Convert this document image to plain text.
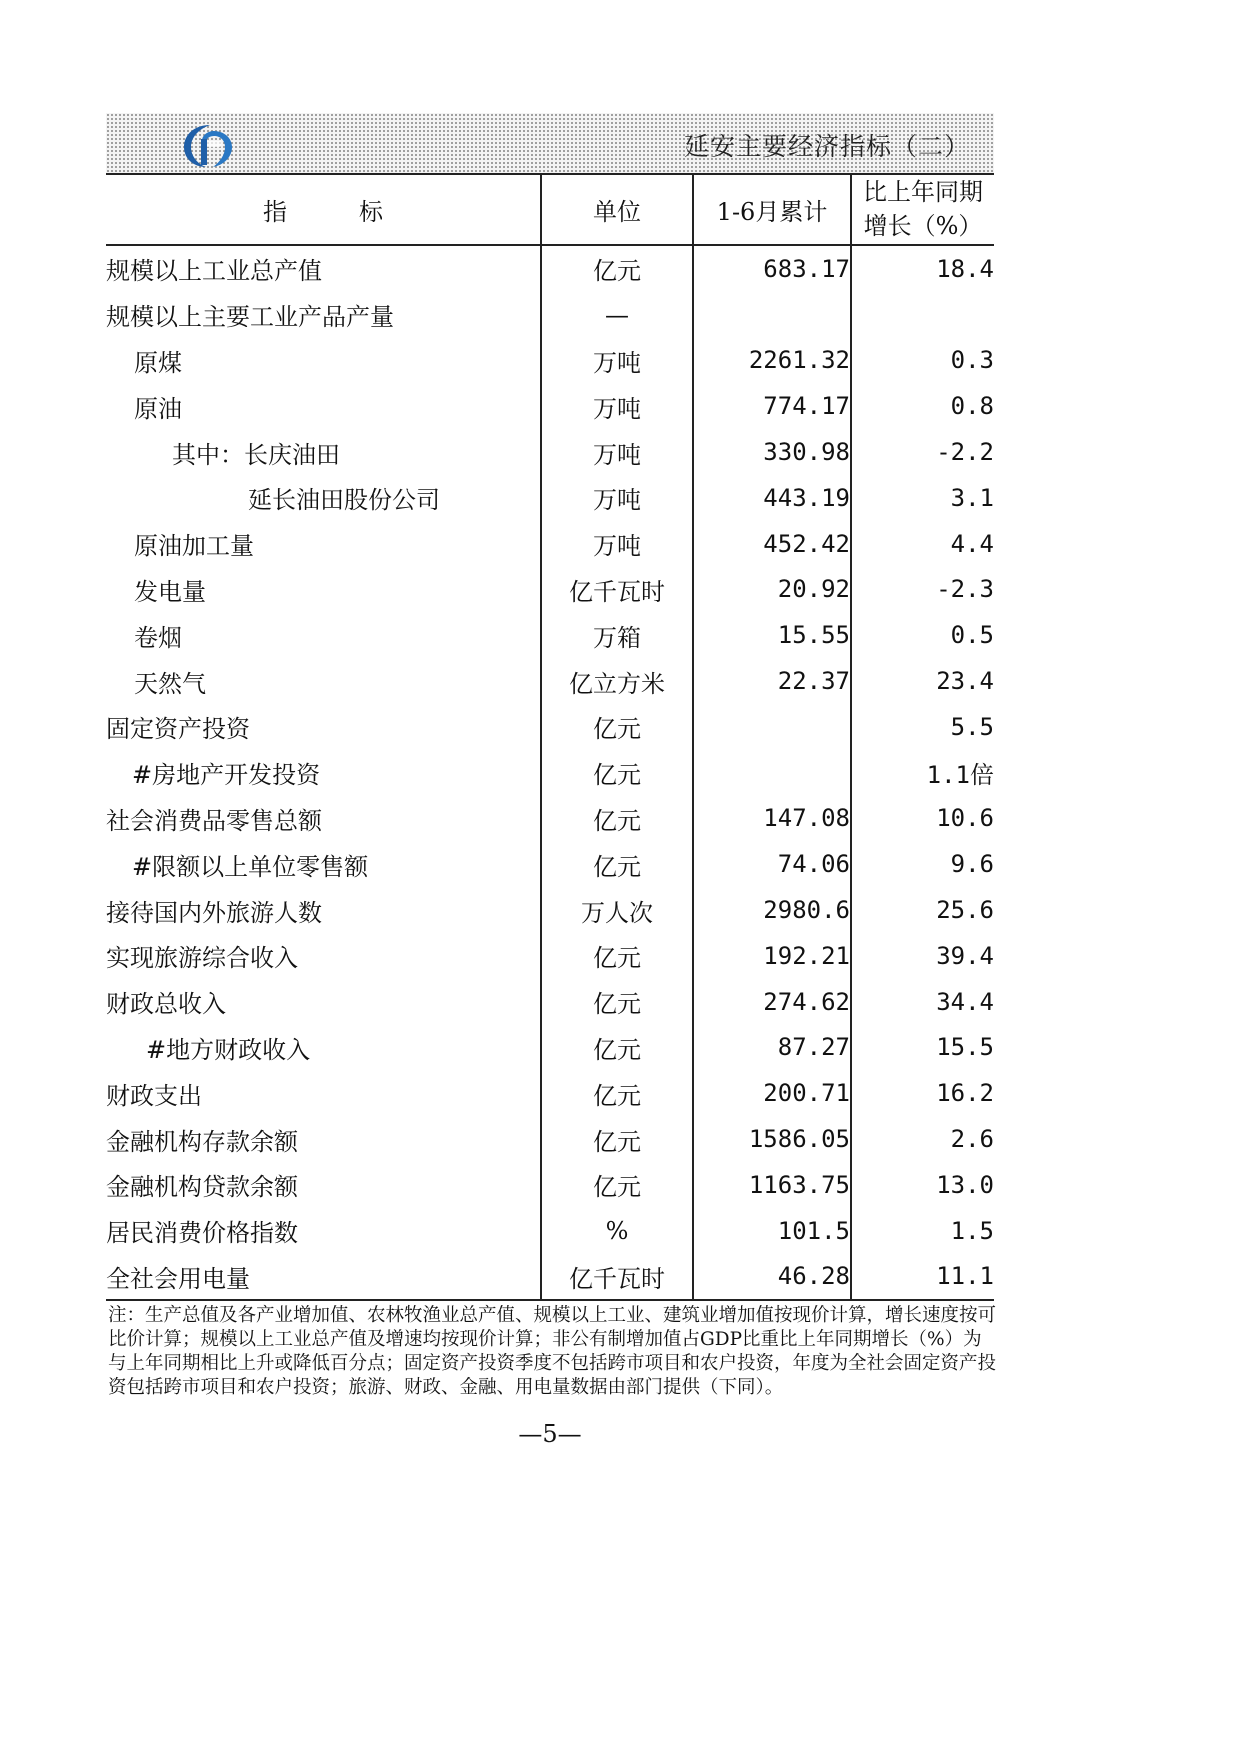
延安主要经济指标（二）
指　　　标	单位	1-6月累计	比上年同期增长（%）
规模以上工业总产值	亿元	683.17	18.4
规模以上主要工业产品产量	—		
原煤	万吨	2261.32	0.3
原油	万吨	774.17	0.8
其中：长庆油田	万吨	330.98	-2.2
延长油田股份公司	万吨	443.19	3.1
原油加工量	万吨	452.42	4.4
发电量	亿千瓦时	20.92	-2.3
卷烟	万箱	15.55	0.5
天然气	亿立方米	22.37	23.4
固定资产投资	亿元		5.5
#房地产开发投资	亿元		1.1倍
社会消费品零售总额	亿元	147.08	10.6
#限额以上单位零售额	亿元	74.06	9.6
接待国内外旅游人数	万人次	2980.6	25.6
实现旅游综合收入	亿元	192.21	39.4
财政总收入	亿元	274.62	34.4
#地方财政收入	亿元	87.27	15.5
财政支出	亿元	200.71	16.2
金融机构存款余额	亿元	1586.05	2.6
金融机构贷款余额	亿元	1163.75	13.0
居民消费价格指数	%	101.5	1.5
全社会用电量	亿千瓦时	46.28	11.1
注：生产总值及各产业增加值、农林牧渔业总产值、规模以上工业、建筑业增加值按现价计算，增长速度按可比价计算；规模以上工业总产值及增速均按现价计算；非公有制增加值占GDP比重比上年同期增长（%）为与上年同期相比上升或降低百分点；固定资产投资季度不包括跨市项目和农户投资，年度为全社会固定资产投资包括跨市项目和农户投资；旅游、财政、金融、用电量数据由部门提供（下同）。
—5—
